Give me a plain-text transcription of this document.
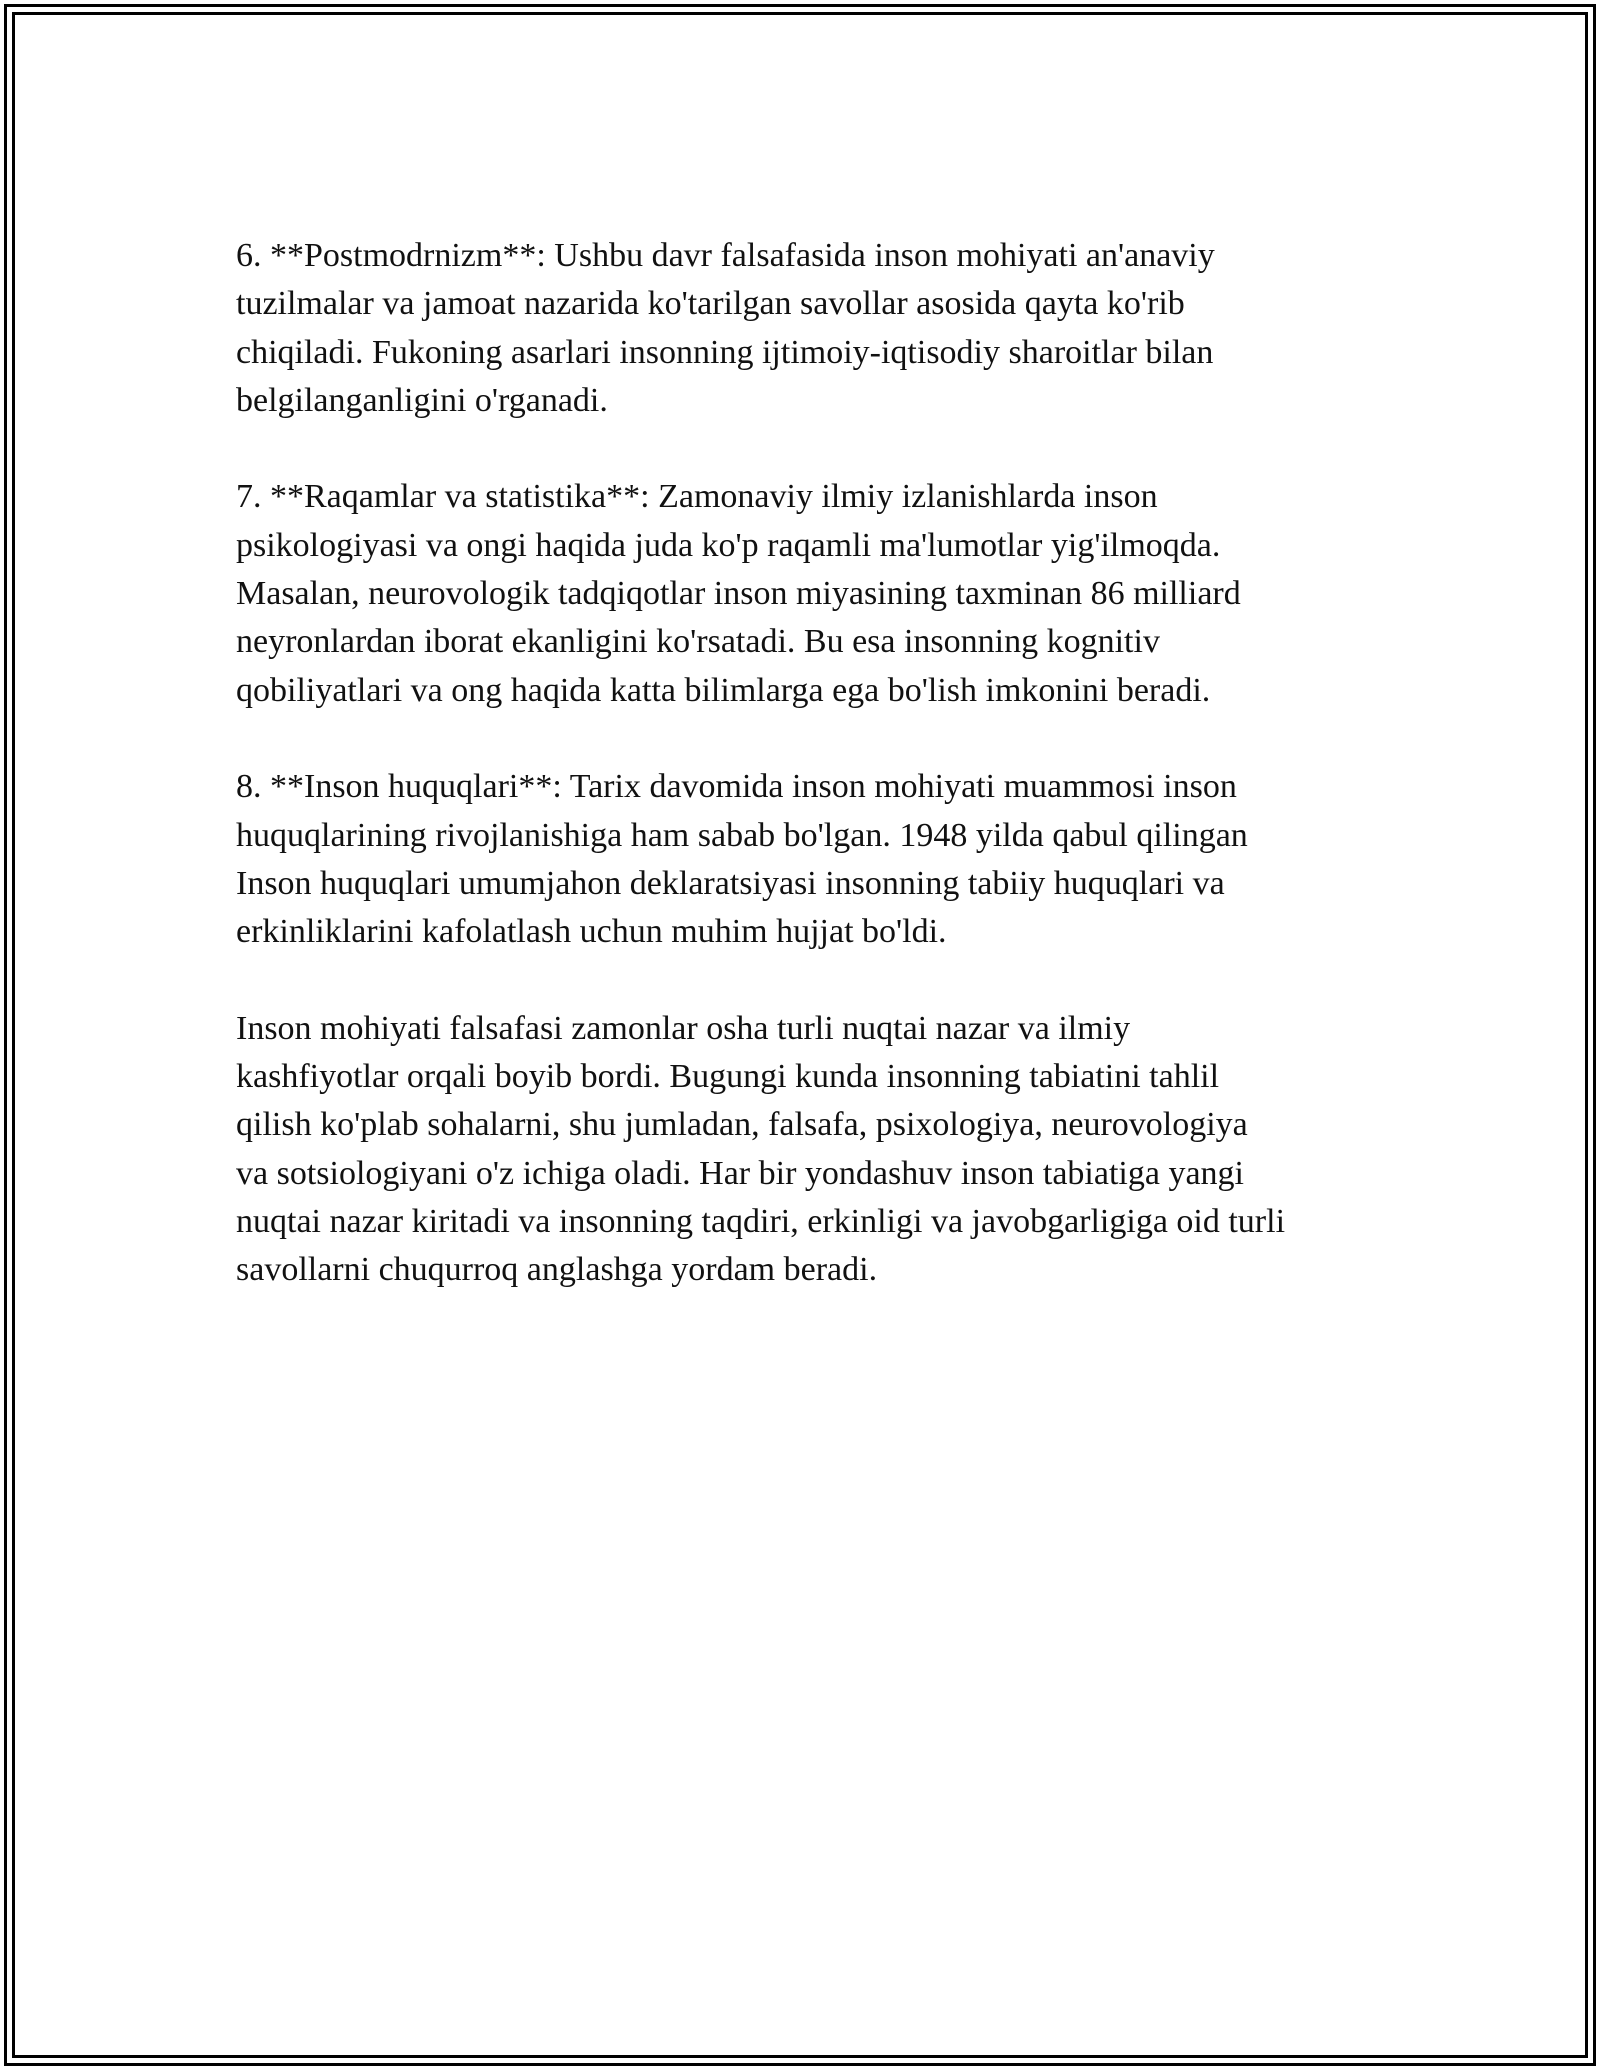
6. **Postmodrnizm**: Ushbu davr falsafasida inson mohiyati an'anaviy
tuzilmalar va jamoat nazarida ko'tarilgan savollar asosida qayta ko'rib
chiqiladi. Fukoning asarlari insonning ijtimoiy-iqtisodiy sharoitlar bilan
belgilanganligini o'rganadi.

7. **Raqamlar va statistika**: Zamonaviy ilmiy izlanishlarda inson
psikologiyasi va ongi haqida juda ko'p raqamli ma'lumotlar yig'ilmoqda.
Masalan, neurovologik tadqiqotlar inson miyasining taxminan 86 milliard
neyronlardan iborat ekanligini ko'rsatadi. Bu esa insonning kognitiv
qobiliyatlari va ong haqida katta bilimlarga ega bo'lish imkonini beradi.

8. **Inson huquqlari**: Tarix davomida inson mohiyati muammosi inson
huquqlarining rivojlanishiga ham sabab bo'lgan. 1948 yilda qabul qilingan
Inson huquqlari umumjahon deklaratsiyasi insonning tabiiy huquqlari va
erkinliklarini kafolatlash uchun muhim hujjat bo'ldi.

Inson mohiyati falsafasi zamonlar osha turli nuqtai nazar va ilmiy
kashfiyotlar orqali boyib bordi. Bugungi kunda insonning tabiatini tahlil
qilish ko'plab sohalarni, shu jumladan, falsafa, psixologiya, neurovologiya
va sotsiologiyani o'z ichiga oladi. Har bir yondashuv inson tabiatiga yangi
nuqtai nazar kiritadi va insonning taqdiri, erkinligi va javobgarligiga oid turli
savollarni chuqurroq anglashga yordam beradi.
